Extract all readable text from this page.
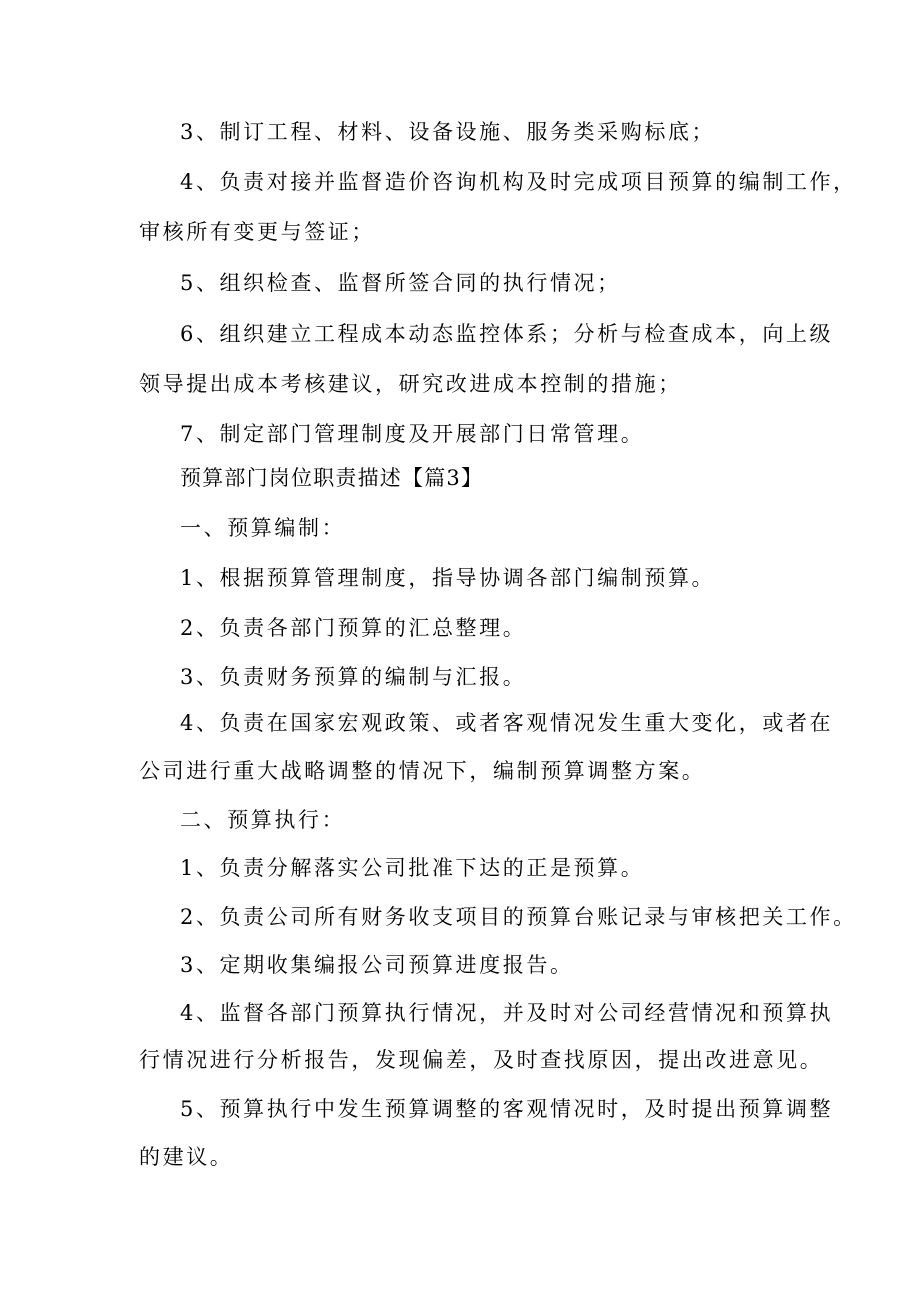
3、制订工程、材料、设备设施、服务类采购标底；
4、负责对接并监督造价咨询机构及时完成项目预算的编制工作，
审核所有变更与签证；
5、组织检查、监督所签合同的执行情况；
6、组织建立工程成本动态监控体系；分析与检查成本，向上级
领导提出成本考核建议，研究改进成本控制的措施；
7、制定部门管理制度及开展部门日常管理。
预算部门岗位职责描述【篇3】
一、预算编制：
1、根据预算管理制度，指导协调各部门编制预算。
2、负责各部门预算的汇总整理。
3、负责财务预算的编制与汇报。
4、负责在国家宏观政策、或者客观情况发生重大变化，或者在
公司进行重大战略调整的情况下，编制预算调整方案。
二、预算执行：
1、负责分解落实公司批准下达的正是预算。
2、负责公司所有财务收支项目的预算台账记录与审核把关工作。
3、定期收集编报公司预算进度报告。
4、监督各部门预算执行情况，并及时对公司经营情况和预算执
行情况进行分析报告，发现偏差，及时查找原因，提出改进意见。
5、预算执行中发生预算调整的客观情况时，及时提出预算调整
的建议。
